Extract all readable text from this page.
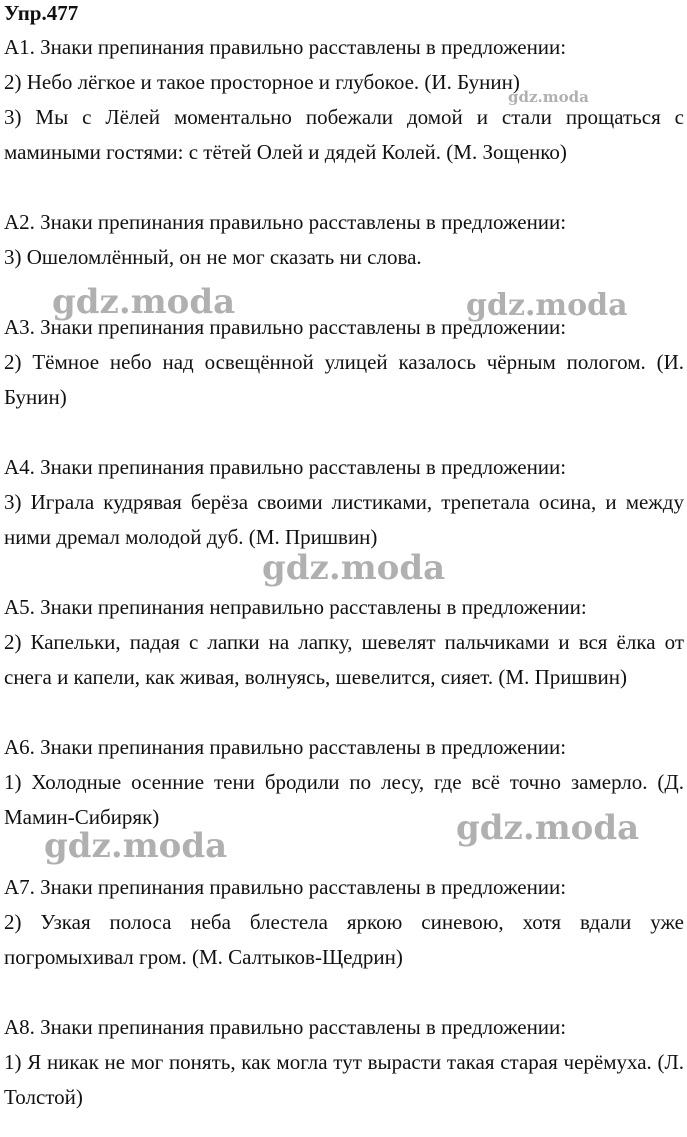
Упр.477

А1. Знаки препинания правильно расставлены в предложении:

2) Небо лёгкое и такое просторное и глубокое. (И. Бунин)

3) Мы с Лёлей моментально побежали домой и стали прощаться с мамиными гостями: с тётей Олей и дядей Колей. (М. Зощенко)

А2. Знаки препинания правильно расставлены в предложении:

3) Ошеломлённый, он не мог сказать ни слова.

А3. Знаки препинания правильно расставлены в предложении:

2) Тёмное небо над освещённой улицей казалось чёрным пологом. (И. Бунин)

А4. Знаки препинания правильно расставлены в предложении:

3) Играла кудрявая берёза своими листиками, трепетала осина, и между ними дремал молодой дуб. (М. Пришвин)

А5. Знаки препинания неправильно расставлены в предложении:

2) Капельки, падая с лапки на лапку, шевелят пальчиками и вся ёлка от снега и капели, как живая, волнуясь, шевелится, сияет. (М. Пришвин)

А6. Знаки препинания правильно расставлены в предложении:

1) Холодные осенние тени бродили по лесу, где всё точно замерло. (Д. Мамин-Сибиряк)

А7. Знаки препинания правильно расставлены в предложении:

2) Узкая полоса неба блестела яркою синевою, хотя вдали уже погромыхивал гром. (М. Салтыков-Щедрин)

А8. Знаки препинания правильно расставлены в предложении:

1) Я никак не мог понять, как могла тут вырасти такая старая черёмуха. (Л. Толстой)

gdz.moda
gdz.moda	gdz.moda
gdz.moda
gdz.moda
gdz.moda
